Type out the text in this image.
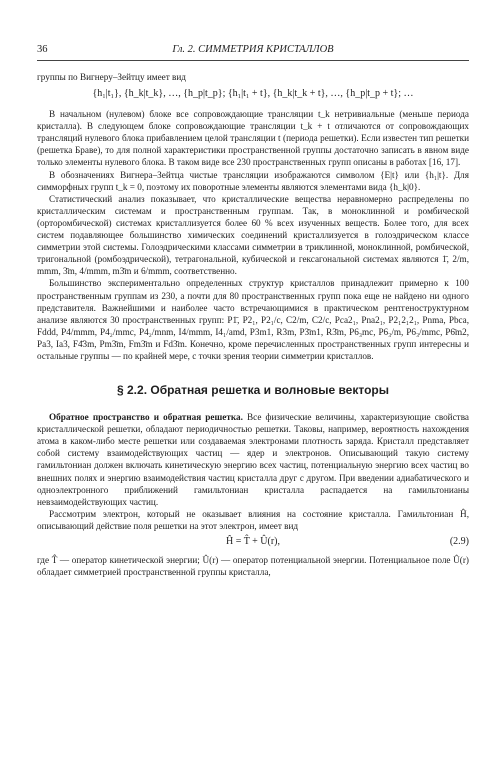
36	Гл. 2. СИММЕТРИЯ КРИСТАЛЛОВ

группы по Вигнеру–Зейтцу имеет вид

{h₁|t₁}, {h_k|t_k}, …, {h_p|t_p}; {h₁|t₁ + t}, {h_k|t_k + t}, …, {h_p|t_p + t}; …

В начальном (нулевом) блоке все сопровождающие трансляции t_k нетривиальные (меньше периода кристалла). В следующем блоке сопровождающие трансляции t_k + t отличаются от сопровождающих трансляций нулевого блока прибавлением целой трансляции t (периода решетки). Если известен тип решетки (решетка Браве), то для полной характеристики пространственной группы достаточно записать в явном виде только элементы нулевого блока. В таком виде все 230 пространственных групп описаны в работах [16, 17].

В обозначениях Вигнера–Зейтца чистые трансляции изображаются символом {E|t} или {h₁|t}. Для симморфных групп t_k = 0, поэтому их поворотные элементы являются элементами вида {h_k|0}.

Статистический анализ показывает, что кристаллические вещества неравномерно распределены по кристаллическим системам и пространственным группам. Так, в моноклинной и ромбической (орторомбической) системах кристаллизуется более 60 % всех изученных веществ. Более того, для всех систем подавляющее большинство химических соединений кристаллизуется в голоэдрическом классе симметрии этой системы. Голоэдрическими классами симметрии в триклинной, моноклинной, ромбической, тригональной (ромбоэдрической), тетрагональной, кубической и гексагональной системах являются 1̄, 2/m, mmm, 3̄m, 4/mmm, m3̄m и 6/mmm, соответственно.

Большинство экспериментально определенных структур кристаллов принадлежит примерно к 100 пространственным группам из 230, а почти для 80 пространственных групп пока еще не найдено ни одного представителя. Важнейшими и наиболее часто встречающимися в практическом рентгеноструктурном анализе являются 30 пространственных групп: P1̄, P2₁, P2₁/c, C2/m, C2/c, Pca2₁, Pna2₁, P2₁2₁2₁, Pnma, Pbca, Fddd, P4/mmm, P4₂/mmc, P4₂/mnm, I4/mmm, I4₁/amd, P3m1, R3m, P3̄m1, R3̄m, P6₃mc, P6₃/m, P6₃/mmc, P6̄m2, Pa3, Ia3, F4̄3m, Pm3̄m, Fm3̄m и Fd3̄m. Конечно, кроме перечисленных пространственных групп интересны и остальные группы — по крайней мере, с точки зрения теории симметрии кристаллов.

§ 2.2. Обратная решетка и волновые векторы

Обратное пространство и обратная решетка. Все физические величины, характеризующие свойства кристаллической решетки, обладают периодичностью решетки. Таковы, например, вероятность нахождения атома в каком-либо месте решетки или создаваемая электронами плотность заряда. Кристалл представляет собой систему взаимодействующих частиц — ядер и электронов. Описывающий такую систему гамильтониан должен включать кинетическую энергию всех частиц, потенциальную энергию всех частиц во внешних полях и энергию взаимодействия частиц кристалла друг с другом. При введении адиабатического и одноэлектронного приближений гамильтониан кристалла распадается на гамильтонианы невзаимодействующих частиц.

Рассмотрим электрон, который не оказывает влияния на состояние кристалла. Гамильтониан Ĥ, описывающий действие поля решетки на этот электрон, имеет вид

Ĥ = T̂ + Û(r),	(2.9)

где T̂ — оператор кинетической энергии; Û(r) — оператор потенциальной энергии. Потенциальное поле Û(r) обладает симметрией пространственной группы кристалла,
